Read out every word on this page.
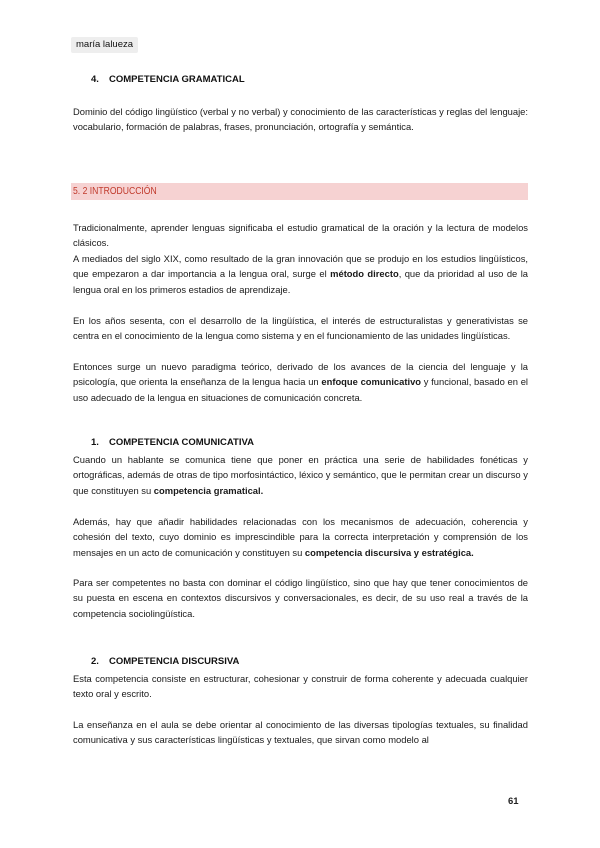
maría lalueza
4. COMPETENCIA GRAMATICAL

Dominio del código lingüístico (verbal y no verbal) y conocimiento de las características y reglas del lenguaje: vocabulario, formación de palabras, frases, pronunciación, ortografía y semántica.

5. 2 INTRODUCCIÓN

Tradicionalmente, aprender lenguas significaba el estudio gramatical de la oración y la lectura de modelos clásicos.

A mediados del siglo XIX, como resultado de la gran innovación que se produjo en los estudios lingüísticos, que empezaron a dar importancia a la lengua oral, surge el método directo, que da prioridad al uso de la lengua oral en los primeros estadios de aprendizaje.

En los años sesenta, con el desarrollo de la lingüística, el interés de estructuralistas y generativistas se centra en el conocimiento de la lengua como sistema y en el funcionamiento de las unidades lingüísticas.

Entonces surge un nuevo paradigma teórico, derivado de los avances de la ciencia del lenguaje y la psicología, que orienta la enseñanza de la lengua hacia un enfoque comunicativo y funcional, basado en el uso adecuado de la lengua en situaciones de comunicación concreta.

1. COMPETENCIA COMUNICATIVA

Cuando un hablante se comunica tiene que poner en práctica una serie de habilidades fonéticas y ortográficas, además de otras de tipo morfosintáctico, léxico y semántico, que le permitan crear un discurso y que constituyen su competencia gramatical.

Además, hay que añadir habilidades relacionadas con los mecanismos de adecuación, coherencia y cohesión del texto, cuyo dominio es imprescindible para la correcta interpretación y comprensión de los mensajes en un acto de comunicación y constituyen su competencia discursiva y estratégica.

Para ser competentes no basta con dominar el código lingüístico, sino que hay que tener conocimientos de su puesta en escena en contextos discursivos y conversacionales, es decir, de su uso real a través de la competencia sociolingüística.

2. COMPETENCIA DISCURSIVA

Esta competencia consiste en estructurar, cohesionar y construir de forma coherente y adecuada cualquier texto oral y escrito.

La enseñanza en el aula se debe orientar al conocimiento de las diversas tipologías textuales, su finalidad comunicativa y sus características lingüísticas y textuales, que sirvan como modelo al

61
